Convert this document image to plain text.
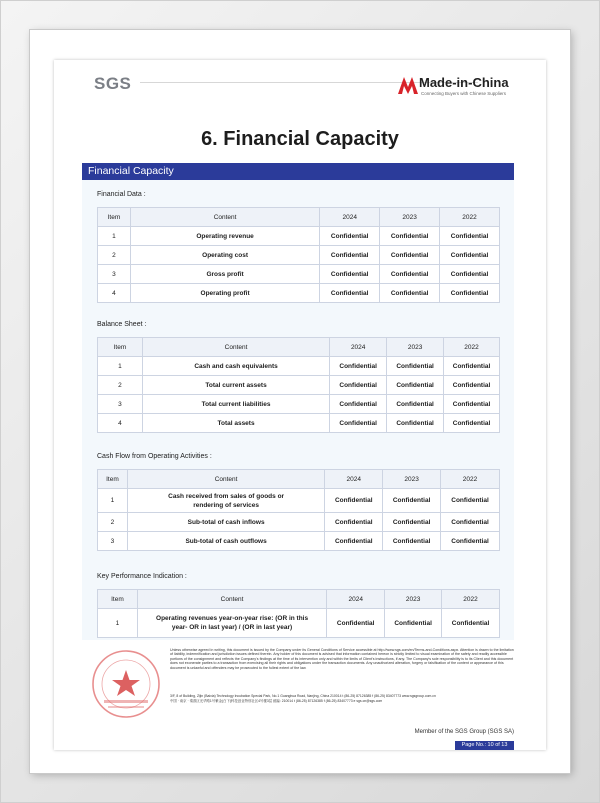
SGS	Made-in-China
Connecting Buyers with Chinese Suppliers
6. Financial Capacity
Financial Capacity
Financial Data :
Item	Content	2024	2023	2022
1	Operating revenue	Confidential	Confidential	Confidential
2	Operating cost	Confidential	Confidential	Confidential
3	Gross profit	Confidential	Confidential	Confidential
4	Operating profit	Confidential	Confidential	Confidential
Balance Sheet :
Item	Content	2024	2023	2022
1	Cash and cash equivalents	Confidential	Confidential	Confidential
2	Total current assets	Confidential	Confidential	Confidential
3	Total current liabilities	Confidential	Confidential	Confidential
4	Total assets	Confidential	Confidential	Confidential
Cash Flow from Operating Activities :
Item	Content	2024	2023	2022
1	Cash received from sales of goods or rendering of services	Confidential	Confidential	Confidential
2	Sub-total of cash inflows	Confidential	Confidential	Confidential
3	Sub-total of cash outflows	Confidential	Confidential	Confidential
Key Performance Indication :
Item	Content	2024	2023	2022
1	Operating revenues year-on-year rise: (OR in this year- OR in last year) / (OR in last year)	Confidential	Confidential	Confidential
Unless otherwise agreed in writing, this document is issued by the Company under its General Conditions of Service accessible at http://www.sgs.com/en/Terms-and-Conditions.aspx. Attention is drawn to the limitation of liability, indemnification and jurisdiction issues defined therein. Any holder of this document is advised that information contained hereon is strictly limited to visual examination of the safety and readily accessible portions of the consignment and reflects the Company's findings at the time of its intervention only and within the limits of Client's instructions, if any. The Company's sole responsibility is to its Client and this document does not exonerate parties to a transaction from exercising all their rights and obligations under the transaction documents. Any unauthorized alteration, forgery or falsification of the content or appearance of this document is unlawful and offenders may be prosecuted to the fullest extent of the law.
3/F, 8 of Building, Zijin (Baixia) Technology Incubation Special Park, No.1 Guanghua Road, Nanjing, China 210014 t (86-25) 87126385 f (86-25) 83407773 www.sgsgroup.com.cn
中国 · 南京 · 秦淮区光华路1号紫金(白下)科技创业特别社区4号楼3层 邮编: 210014 t (86-25) 87126385 f (86-25) 83407773 e sgs.cn@sgs.com
Member of the SGS Group (SGS SA)
Page No.: 10 of 13
